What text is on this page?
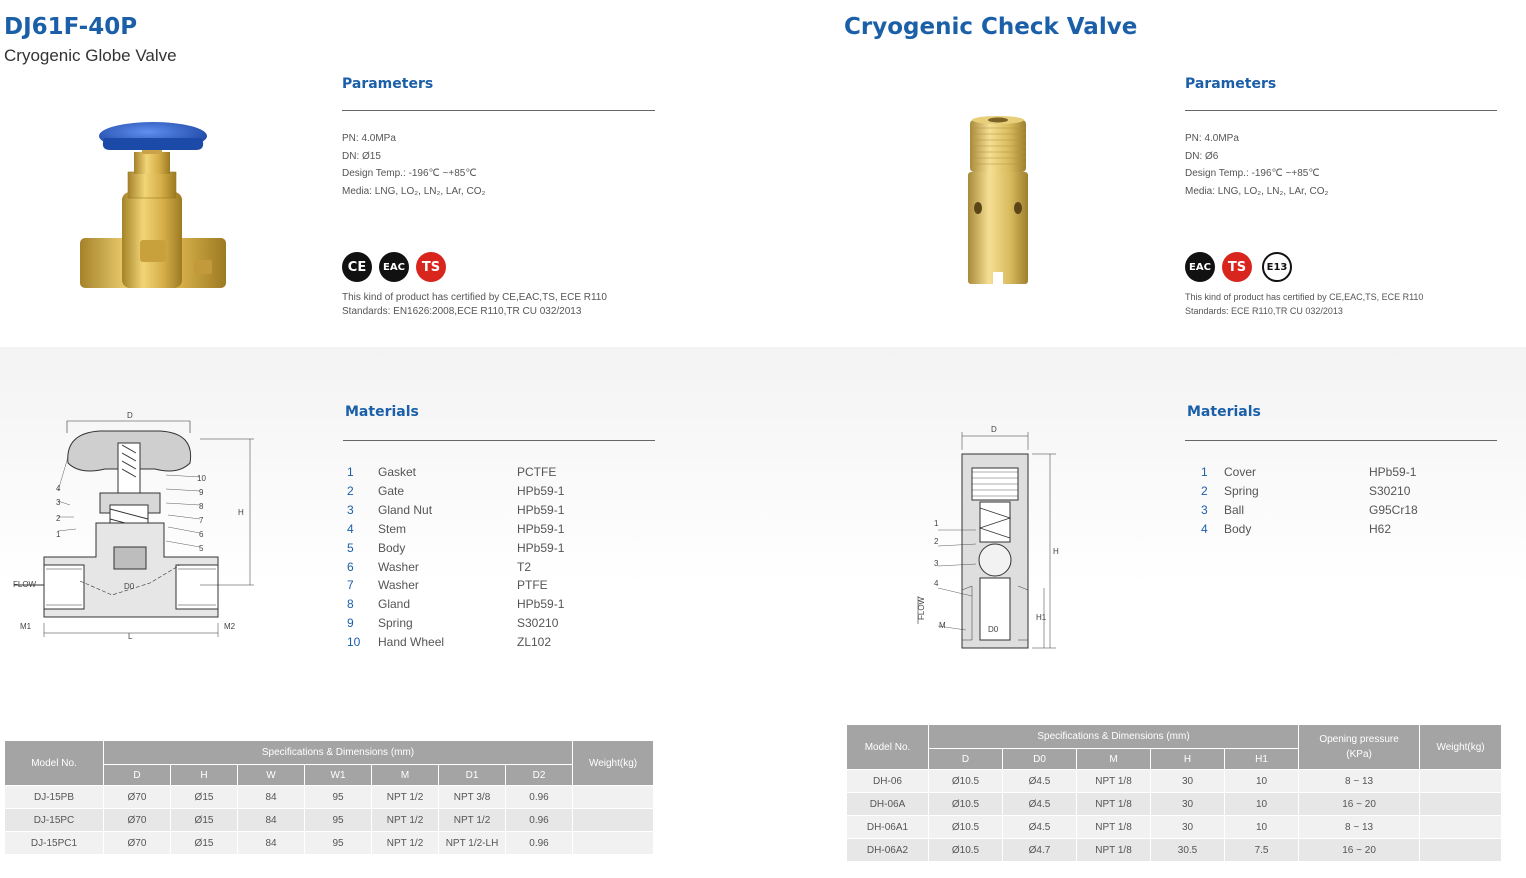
DJ61F-40P
Cryogenic Globe Valve
Parameters
PN: 4.0MPa
DN: Ø15
Design Temp.: -196℃ ~+85℃
Media: LNG, LO₂, LN₂, LAr, CO₂
CE	EAC	TS
This kind of product has certified by CE,EAC,TS, ECE R110
Standards: EN1626:2008,ECE R110,TR CU 032/2013
D
H
FLOW	D0
L
M1	M2
1
2
3
4
5
6
7
8
9
10
Materials
1 Gasket	PCTFE
2 Gate	HPb59-1
3 Gland Nut	HPb59-1
4 Stem	HPb59-1
5 Body	HPb59-1
6 Washer	T2
7 Washer	PTFE
8 Gland	HPb59-1
9 Spring	S30210
10 Hand Wheel	ZL102
Model No.	Specifications & Dimensions (mm)							Weight(kg)
	D	H	W	W1	M	D1	D2	
DJ-15PB	Ø70	Ø15	84	95	NPT 1/2	NPT 3/8	0.96	
DJ-15PC	Ø70	Ø15	84	95	NPT 1/2	NPT 1/2	0.96	
DJ-15PC1	Ø70	Ø15	84	95	NPT 1/2	NPT 1/2-LH	0.96	
Cryogenic Check Valve
Parameters
PN: 4.0MPa
DN: Ø6
Design Temp.: -196℃ ~+85℃
Media: LNG, LO₂, LN₂, LAr, CO₂
EAC	TS	E13
This kind of product has certified by CE,EAC,TS, ECE R110
Standards: ECE R110,TR CU 032/2013
D
H
H1
D0
M
FLOW
1
2
3
4
Materials
1 Cover	HPb59-1
2 Spring	S30210
3 Ball	G95Cr18
4 Body	H62
Model No.	Specifications & Dimensions (mm)					Opening pressure (KPa)	Weight(kg)
	D	D0	M	H	H1		
DH-06	Ø10.5	Ø4.5	NPT 1/8	30	10	8 ~ 13	
DH-06A	Ø10.5	Ø4.5	NPT 1/8	30	10	16 ~ 20	
DH-06A1	Ø10.5	Ø4.5	NPT 1/8	30	10	8 ~ 13	
DH-06A2	Ø10.5	Ø4.7	NPT 1/8	30.5	7.5	16 ~ 20	
